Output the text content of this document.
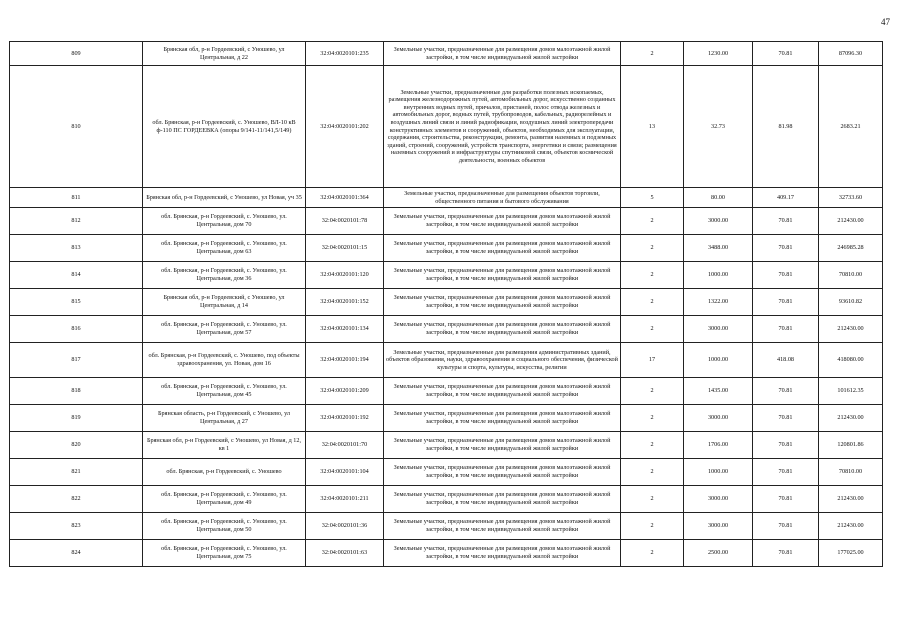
47
809	Брянская обл, р-н Гордеевский, с Уношево, ул Центральная, д 22	32:04:0020101:235	Земельные участки, предназначенные для размещения домов малоэтажной жилой застройки, в том числе индивидуальной жилой застройки	2	1230.00	70.81	87096.30
810	обл. Брянская, р-н Гордеевский, с. Уношево, ВЛ-10 кВ ф-110 ПС ГОРДЕЕВКА (опоры 9/141-11/141,5/149)	32:04:0020101:202	Земельные участки, предназначенные для разработки полезных ископаемых, размещения железнодорожных путей, автомобильных дорог, искусственно созданных внутренних водных путей, причалов, пристаней, полос отвода железных и автомобильных дорог, водных путей, трубопроводов, кабельных, радиорелейных и воздушных линий связи и линий радиофикации, воздушных линий электропередачи конструктивных элементов и сооружений, объектов, необходимых для эксплуатации, содержания, строительства, реконструкции, ремонта, развития наземных и подземных зданий, строений, сооружений, устройств транспорта, энергетики и связи; размещения наземных сооружений и инфраструктуры спутниковой связи, объектов космической деятельности, военных объектов	13	32.73	81.98	2683.21
811	Брянская обл, р-н Гордеевский, с Уношево, ул Новая, уч 35	32:04:0020101:364	Земельные участки, предназначенные для размещения объектов торговли, общественного питания и бытового обслуживания	5	80.00	409.17	32733.60
812	обл. Брянская, р-н Гордеевский, с. Уношево, ул. Центральная, дом 70	32:04:0020101:78	Земельные участки, предназначенные для размещения домов малоэтажной жилой застройки, в том числе индивидуальной жилой застройки	2	3000.00	70.81	212430.00
813	обл. Брянская, р-н Гордеевский, с. Уношево, ул. Центральная, дом 63	32:04:0020101:15	Земельные участки, предназначенные для размещения домов малоэтажной жилой застройки, в том числе индивидуальной жилой застройки	2	3488.00	70.81	246985.28
814	обл. Брянская, р-н Гордеевский, с. Уношево, ул. Центральная, дом 36	32:04:0020101:120	Земельные участки, предназначенные для размещения домов малоэтажной жилой застройки, в том числе индивидуальной жилой застройки	2	1000.00	70.81	70810.00
815	Брянская обл, р-н Гордеевский, с Уношево, ул Центральная, д 14	32:04:0020101:152	Земельные участки, предназначенные для размещения домов малоэтажной жилой застройки, в том числе индивидуальной жилой застройки	2	1322.00	70.81	93610.82
816	обл. Брянская, р-н Гордеевский, с. Уношево, ул. Центральная, дом 57	32:04:0020101:134	Земельные участки, предназначенные для размещения домов малоэтажной жилой застройки, в том числе индивидуальной жилой застройки	2	3000.00	70.81	212430.00
817	обл. Брянская, р-н Гордеевский, с. Уношево, под объекты здравоохранения, ул. Новая, дом 16	32:04:0020101:194	Земельные участки, предназначенные для размещения административных зданий, объектов образования, науки, здравоохранения и социального обеспечения, физической культуры и спорта, культуры, искусства, религии	17	1000.00	418.08	418080.00
818	обл. Брянская, р-н Гордеевский, с. Уношево, ул. Центральная, дом 45	32:04:0020101:209	Земельные участки, предназначенные для размещения домов малоэтажной жилой застройки, в том числе индивидуальной жилой застройки	2	1435.00	70.81	101612.35
819	Брянская область, р-н Гордеевский, с Уношево, ул Центральная, д 27	32:04:0020101:192	Земельные участки, предназначенные для размещения домов малоэтажной жилой застройки, в том числе индивидуальной жилой застройки	2	3000.00	70.81	212430.00
820	Брянская обл, р-н Гордеевский, с Уношево, ул Новая, д 12, кв 1	32:04:0020101:70	Земельные участки, предназначенные для размещения домов малоэтажной жилой застройки, в том числе индивидуальной жилой застройки	2	1706.00	70.81	120801.86
821	обл. Брянская, р-н Гордеевский, с. Уношево	32:04:0020101:104	Земельные участки, предназначенные для размещения домов малоэтажной жилой застройки, в том числе индивидуальной жилой застройки	2	1000.00	70.81	70810.00
822	обл. Брянская, р-н Гордеевский, с. Уношево, ул. Центральная, дом 49	32:04:0020101:211	Земельные участки, предназначенные для размещения домов малоэтажной жилой застройки, в том числе индивидуальной жилой застройки	2	3000.00	70.81	212430.00
823	обл. Брянская, р-н Гордеевский, с. Уношево, ул. Центральная, дом 50	32:04:0020101:36	Земельные участки, предназначенные для размещения домов малоэтажной жилой застройки, в том числе индивидуальной жилой застройки	2	3000.00	70.81	212430.00
824	обл. Брянская, р-н Гордеевский, с. Уношево, ул. Центральная, дом 75	32:04:0020101:63	Земельные участки, предназначенные для размещения домов малоэтажной жилой застройки, в том числе индивидуальной жилой застройки	2	2500.00	70.81	177025.00
